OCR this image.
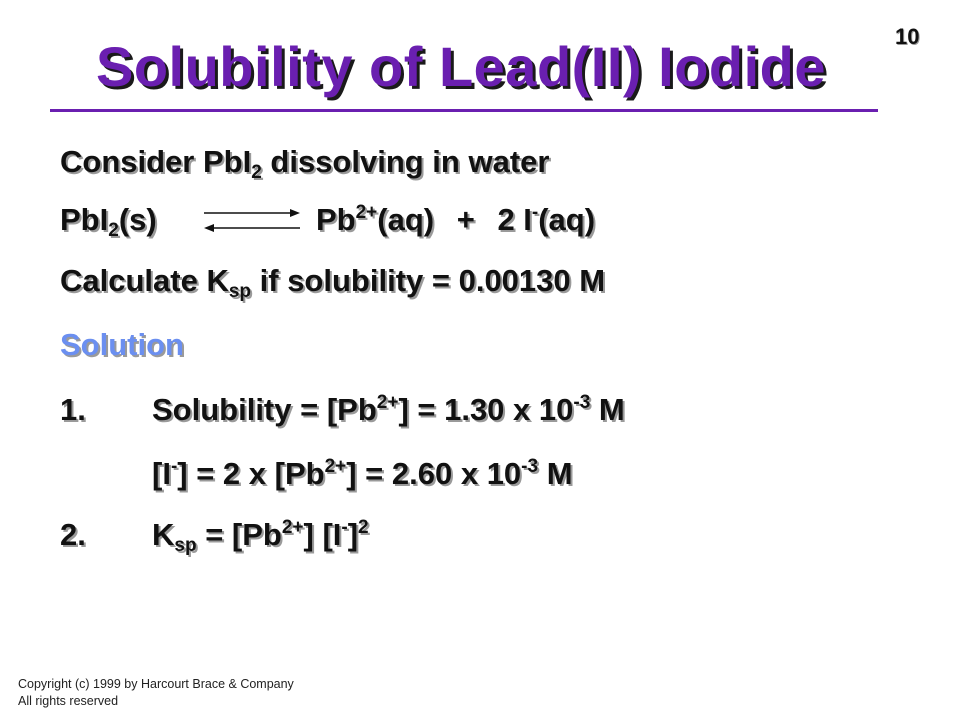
10
Solubility of Lead(II) Iodide
Consider PbI$_2$ dissolving in water
PbI$_2$(s)	$Pb^{2+}(aq) + 2$ I-(aq)
Calculate $K_{sp}$ if solubility = 0.00130 M
Solution
1. Solubility = $[Pb^{2+}] = 1.30$ x $10^{-3}$ M
[I-] = 2 x $[Pb^{2+}] = 2.60$ x $10^{-3}$ M
2. $K_{sp} = [Pb^{2+}]$ $[I^-]^2$
Copyright (c) 1999 by Harcourt Brace & Company
All rights reserved
